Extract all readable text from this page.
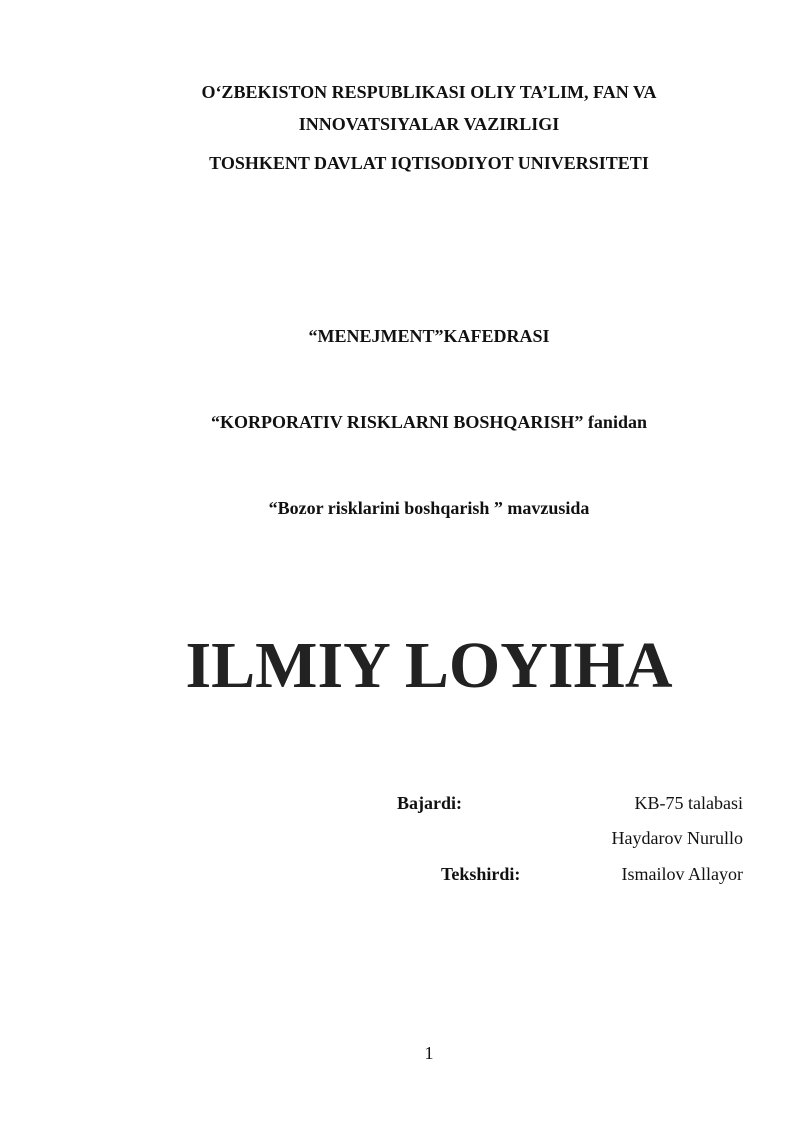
O‘ZBEKISTON RESPUBLIKASI OLIY TA’LIM, FAN VA
INNOVATSIYALAR VAZIRLIGI
TOSHKENT DAVLAT IQTISODIYOT UNIVERSITETI
“MENEJMENT”KAFEDRASI
“KORPORATIV RISKLARNI BOSHQARISH” fanidan
“Bozor risklarini boshqarish ” mavzusida
ILMIY LOYIHA
Bajardi:	KB-75 talabasi
Haydarov Nurullo
Tekshirdi:	Ismailov Allayor
1
